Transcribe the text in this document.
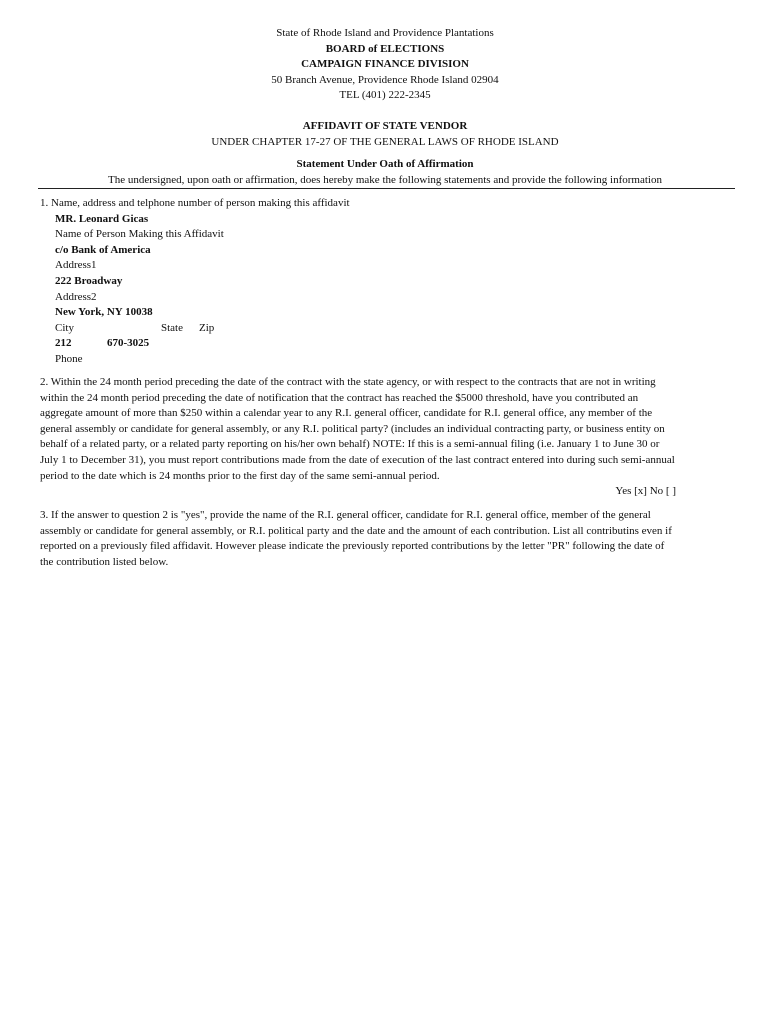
State of Rhode Island and Providence Plantations
BOARD of ELECTIONS
CAMPAIGN FINANCE DIVISION
50 Branch Avenue, Providence Rhode Island 02904
TEL (401) 222-2345
AFFIDAVIT OF STATE VENDOR
UNDER CHAPTER 17-27 OF THE GENERAL LAWS OF RHODE ISLAND
Statement Under Oath of Affirmation
The undersigned, upon oath or affirmation, does hereby make the following statements and provide the following information
1. Name, address and telphone number of person making this affidavit
MR. Leonard Gicas
Name of Person Making this Affidavit
c/o Bank of America
Address1
222 Broadway
Address2
New York, NY 10038
City	State Zip
212	670-3025
Phone

2. Within the 24 month period preceding the date of the contract with the state agency, or with respect to the contracts that are not in writing within the 24 month period preceding the date of notification that the contract has reached the $5000 threshold, have you contributed an aggregate amount of more than $250 within a calendar year to any R.I. general officer, candidate for R.I. general office, any member of the general assembly or candidate for general assembly, or any R.I. political party? (includes an individual contracting party, or business entity on behalf of a related party, or a related party reporting on his/her own behalf) NOTE: If this is a semi-annual filing (i.e. January 1 to June 30 or July 1 to December 31), you must report contributions made from the date of execution of the last contract entered into during such semi-annual period to the date which is 24 months prior to the first day of the same semi-annual period.

Yes [x] No [ ]

3. If the answer to question 2 is "yes", provide the name of the R.I. general officer, candidate for R.I. general office, member of the general assembly or candidate for general assembly, or R.I. political party and the date and the amount of each contribution. List all contributins even if reported on a previously filed affidavit. However please indicate the previously reported contributions by the letter "PR" following the date of the contribution listed below.
